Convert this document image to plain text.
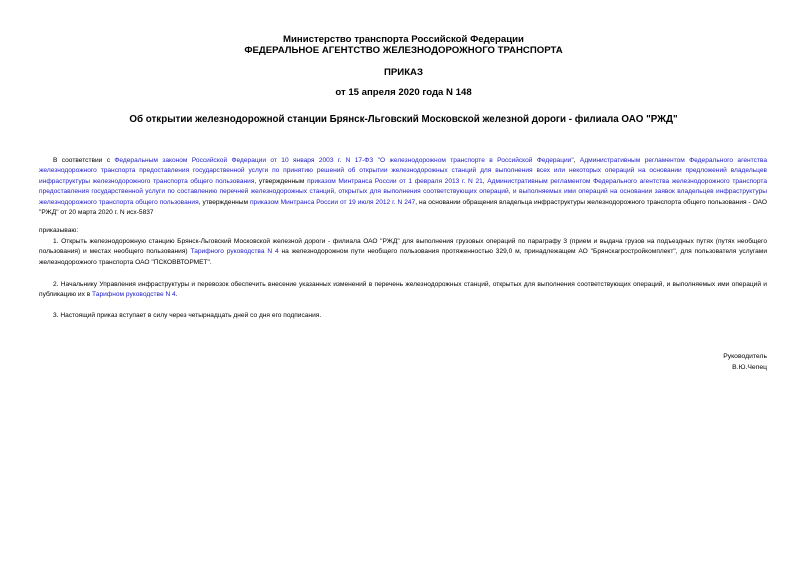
Министерство транспорта Российской Федерации
ФЕДЕРАЛЬНОЕ АГЕНТСТВО ЖЕЛЕЗНОДОРОЖНОГО ТРАНСПОРТА
ПРИКАЗ
от 15 апреля 2020 года N 148
Об открытии железнодорожной станции Брянск-Льговский Московской железной дороги - филиала ОАО "РЖД"
В соответствии с Федеральным законом Российской Федерации от 10 января 2003 г. N 17-ФЗ "О железнодорожном транспорте в Российской Федерации", Административным регламентом Федерального агентства железнодорожного транспорта предоставления государственной услуги по принятию решений об открытии железнодорожных станций для выполнения всех или некоторых операций на основании предложений владельцев инфраструктуры железнодорожного транспорта общего пользования, утвержденным приказом Минтранса России от 1 февраля 2013 г. N 21, Административным регламентом Федерального агентства железнодорожного транспорта предоставления государственной услуги по составлению перечней железнодорожных станций, открытых для выполнения соответствующих операций, и выполняемых ими операций на основании заявок владельцев инфраструктуры железнодорожного транспорта общего пользования, утвержденным приказом Минтранса России от 19 июля 2012 г. N 247, на основании обращения владельца инфраструктуры железнодорожного транспорта общего пользования - ОАО "РЖД" от 20 марта 2020 г. N исх-5837
приказываю:
1. Открыть железнодорожную станцию Брянск-Льговский Московской железной дороги - филиала ОАО "РЖД" для выполнения грузовых операций по параграфу 3 (прием и выдача грузов на подъездных путях (путях необщего пользования) и местах необщего пользования) Тарифного руководства N 4 на железнодорожном пути необщего пользования протяженностью 329,0 м, принадлежащем АО "Брянскагростройкомплект", для пользователя услугами железнодорожного транспорта ОАО "ПСКОВВТОРМЕТ".
2. Начальнику Управления инфраструктуры и перевозок обеспечить внесение указанных изменений в перечень железнодорожных станций, открытых для выполнения соответствующих операций, и выполняемых ими операций и публикацию их в Тарифном руководстве N 4.
3. Настоящий приказ вступает в силу через четырнадцать дней со дня его подписания.
Руководитель
В.Ю.Чепец
